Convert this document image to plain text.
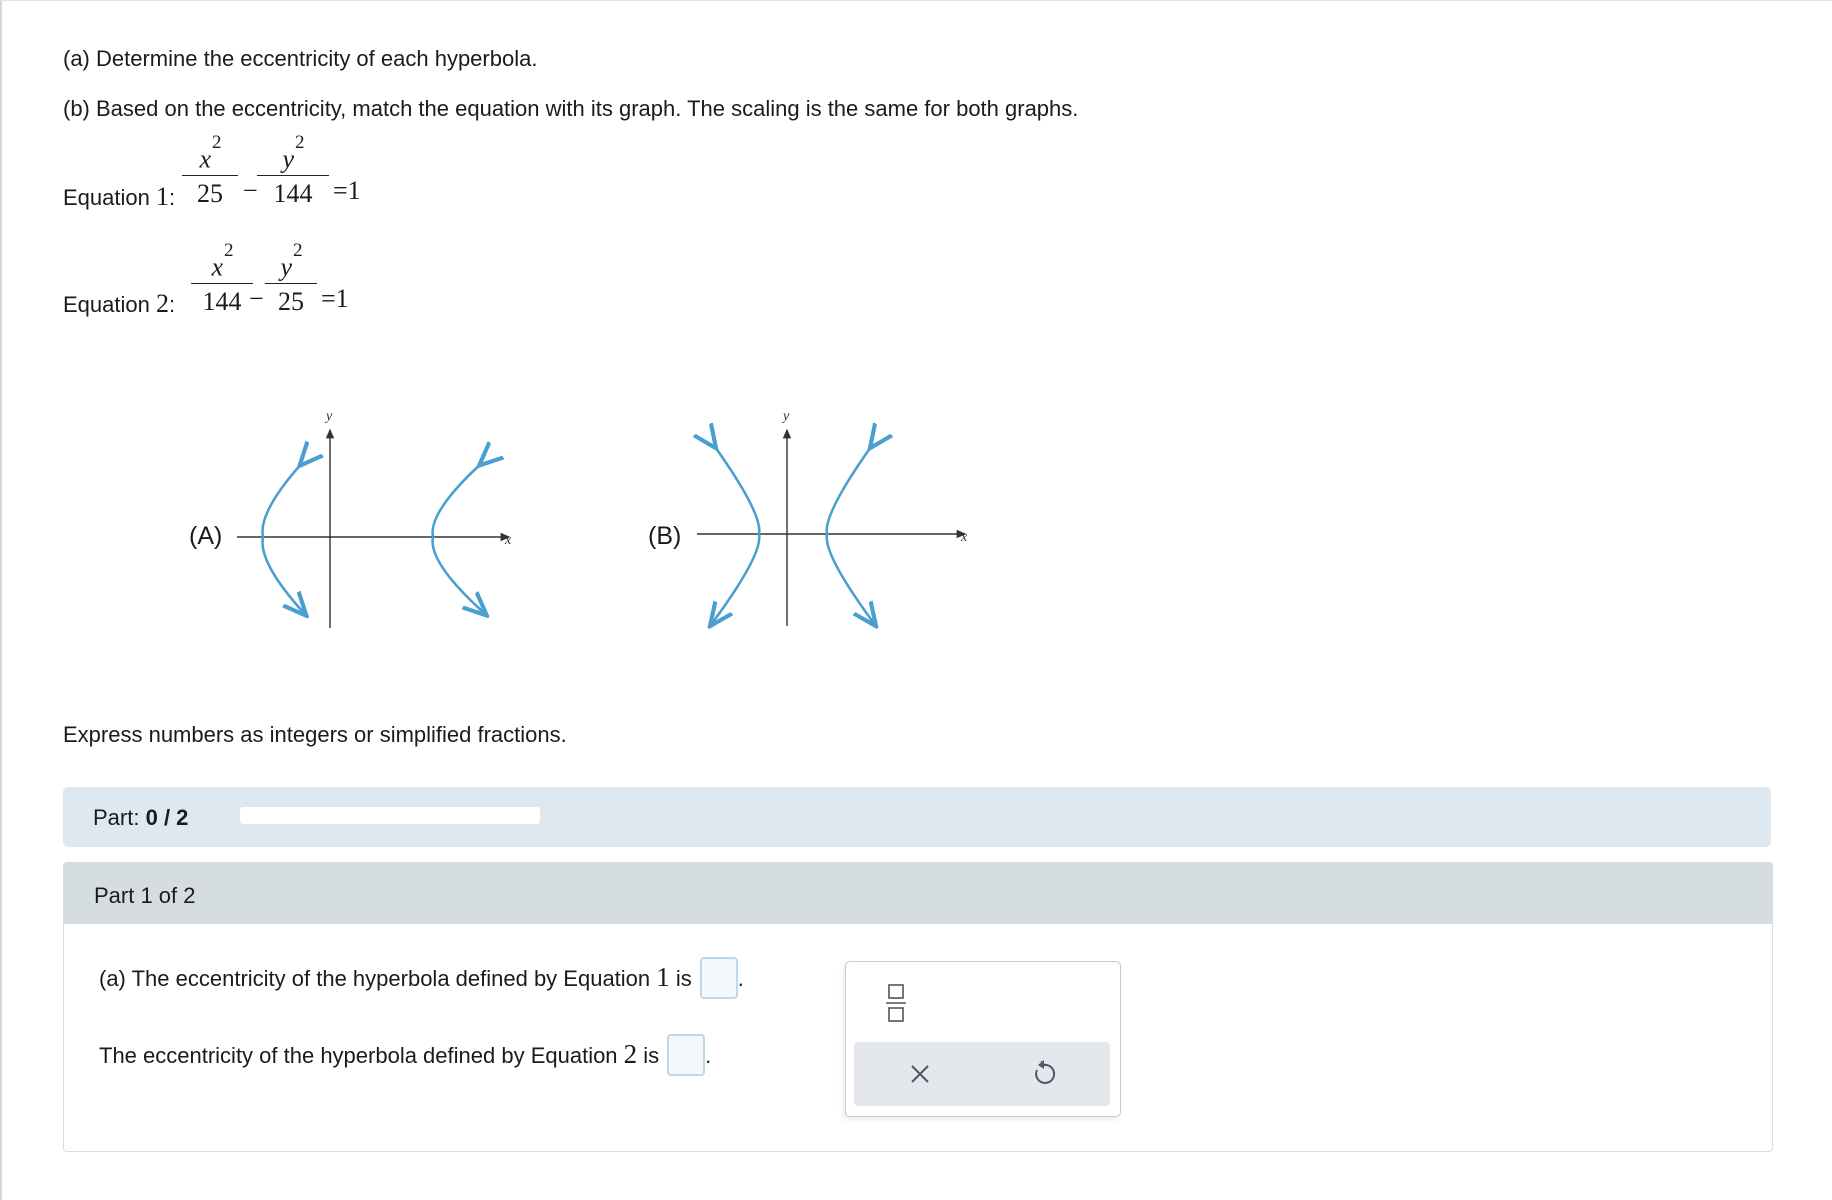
(a) Determine the eccentricity of each hyperbola.
(b) Based on the eccentricity, match the equation with its graph. The scaling is the same for both graphs.
Equation 1:
$x^2$
25 −
$y^2$
144 =1
Equation 2:
$x^2$
144 −
$y^2$
25 =1
(A)	x
y
(B)	x
y
Express numbers as integers or simplified fractions.
Part: 0 / 2
Part 1 of 2
(a) The eccentricity of the hyperbola defined by Equation 1 is .
The eccentricity of the hyperbola defined by Equation 2 is .
